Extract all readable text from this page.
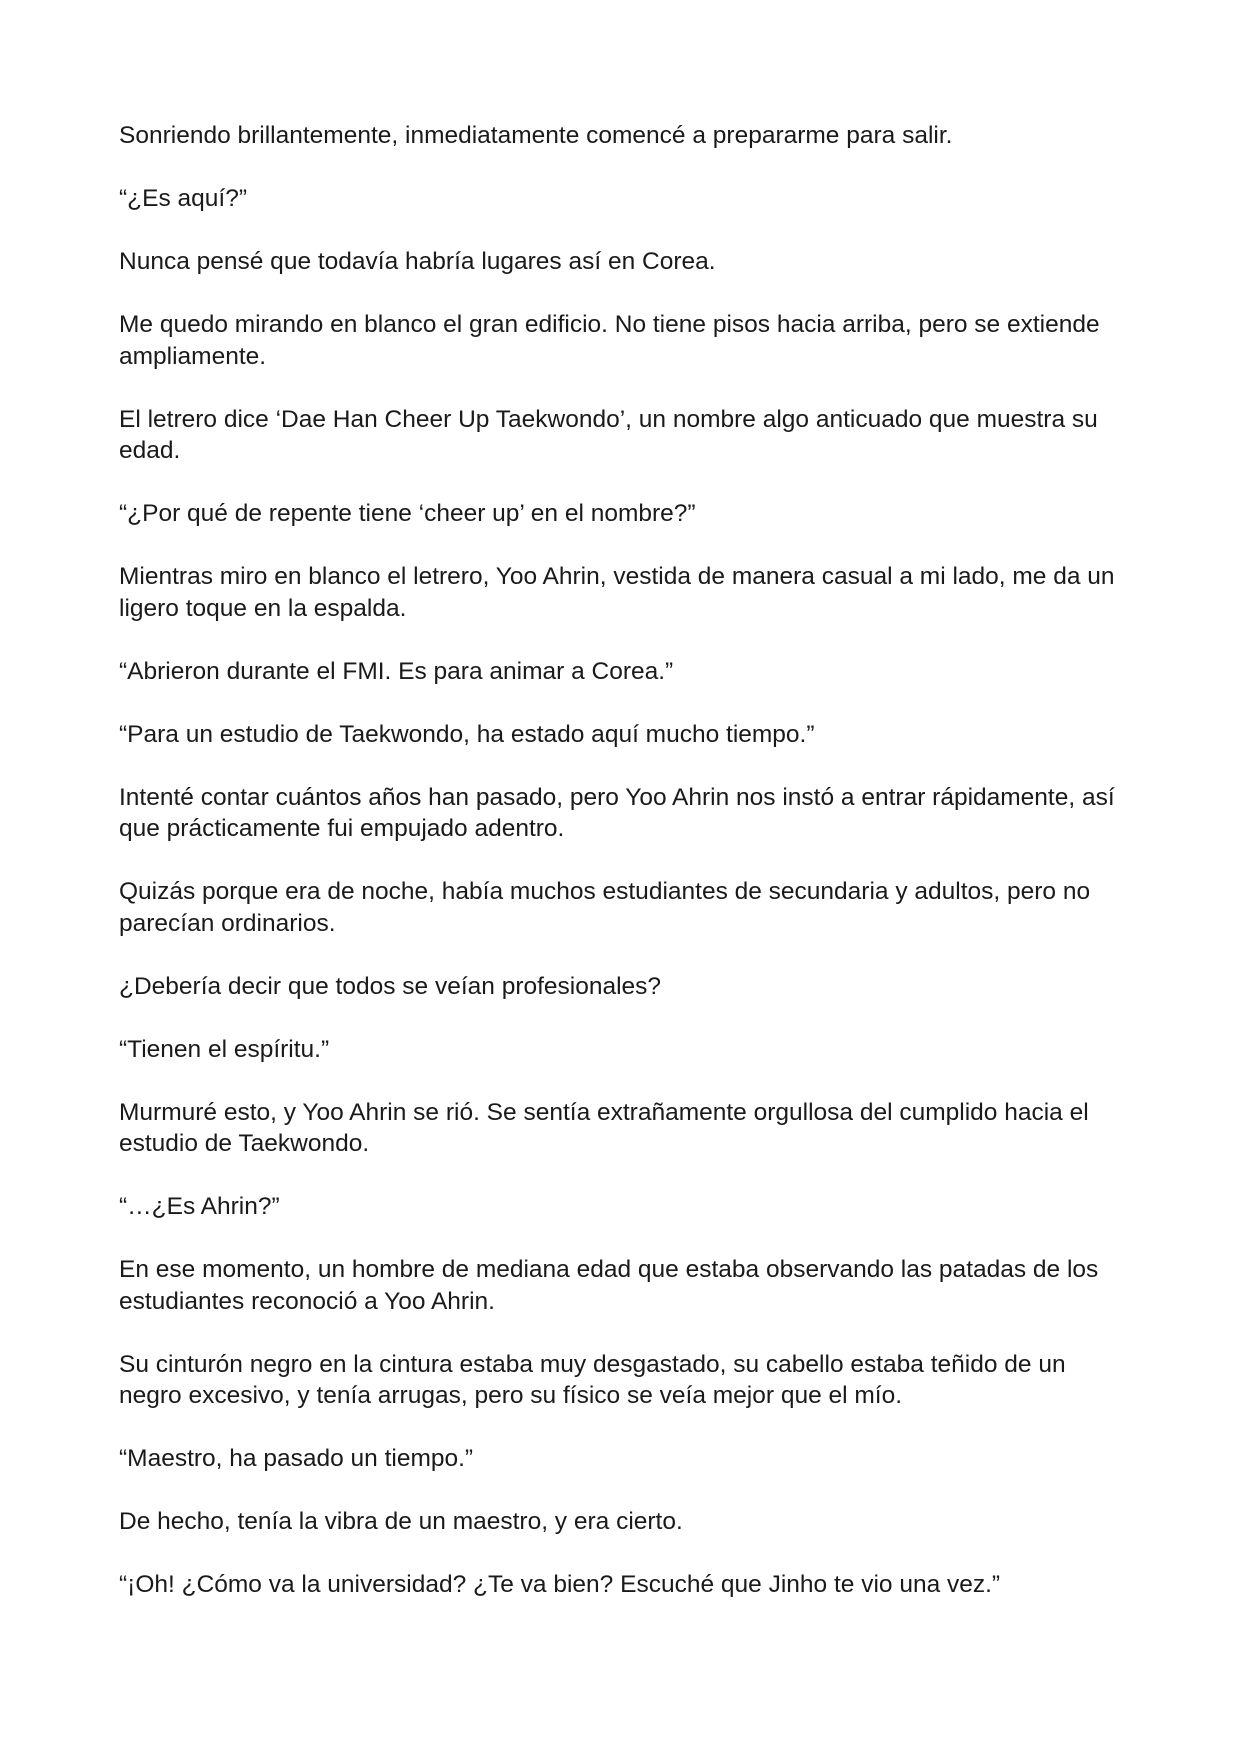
Sonriendo brillantemente, inmediatamente comencé a prepararme para salir.

“¿Es aquí?”

Nunca pensé que todavía habría lugares así en Corea.

Me quedo mirando en blanco el gran edificio. No tiene pisos hacia arriba, pero se extiende ampliamente.

El letrero dice ‘Dae Han Cheer Up Taekwondo’, un nombre algo anticuado que muestra su edad.

“¿Por qué de repente tiene ‘cheer up’ en el nombre?”

Mientras miro en blanco el letrero, Yoo Ahrin, vestida de manera casual a mi lado, me da un ligero toque en la espalda.

“Abrieron durante el FMI. Es para animar a Corea.”

“Para un estudio de Taekwondo, ha estado aquí mucho tiempo.”

Intenté contar cuántos años han pasado, pero Yoo Ahrin nos instó a entrar rápidamente, así que prácticamente fui empujado adentro.

Quizás porque era de noche, había muchos estudiantes de secundaria y adultos, pero no parecían ordinarios.

¿Debería decir que todos se veían profesionales?

“Tienen el espíritu.”

Murmuré esto, y Yoo Ahrin se rió. Se sentía extrañamente orgullosa del cumplido hacia el estudio de Taekwondo.

“…¿Es Ahrin?”

En ese momento, un hombre de mediana edad que estaba observando las patadas de los estudiantes reconoció a Yoo Ahrin.

Su cinturón negro en la cintura estaba muy desgastado, su cabello estaba teñido de un negro excesivo, y tenía arrugas, pero su físico se veía mejor que el mío.

“Maestro, ha pasado un tiempo.”

De hecho, tenía la vibra de un maestro, y era cierto.

“¡Oh! ¿Cómo va la universidad? ¿Te va bien? Escuché que Jinho te vio una vez.”
